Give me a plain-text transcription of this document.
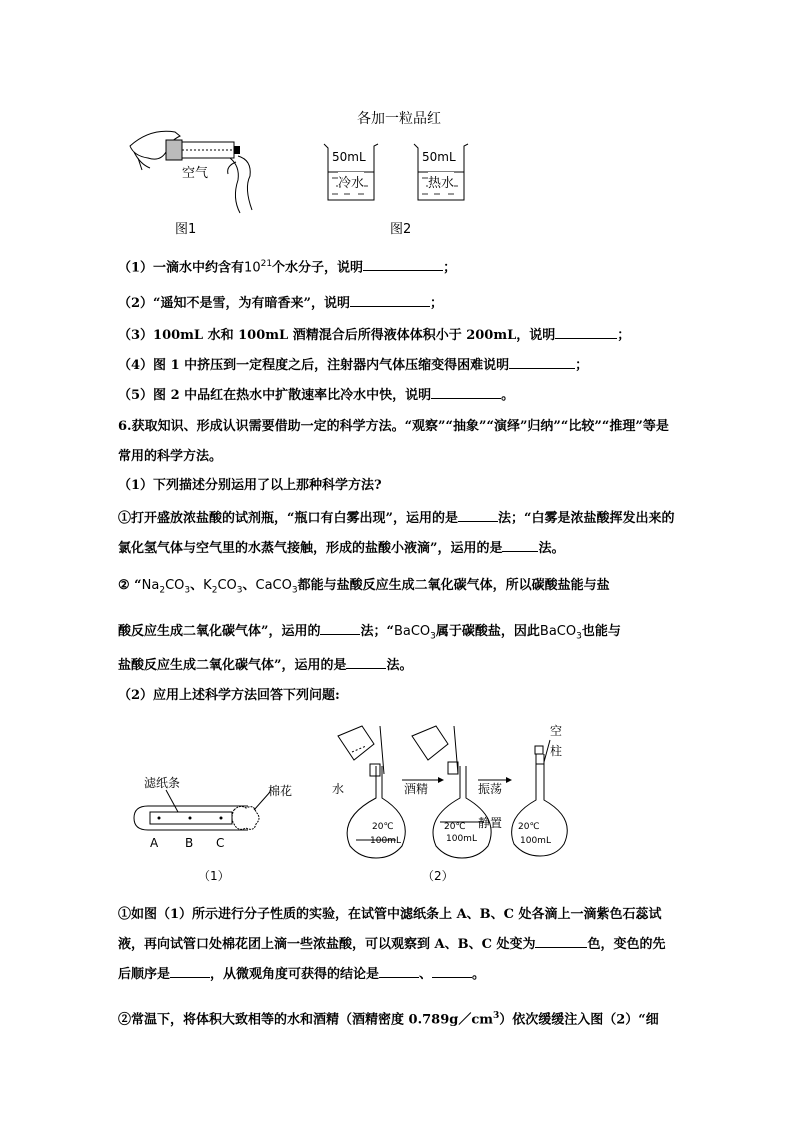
空气
图1
各加一粒品红
50mL
冷水
50mL
热水
图2
（1）一滴水中约含有$10^{21}$个水分子，说明	；
（2）“遥知不是雪，为有暗香来”，说明	；
（3）100mL 水和 100mL 酒精混合后所得液体体积小于 200mL，说明	；
（4）图 1 中挤压到一定程度之后，注射器内气体压缩变得困难说明	；
（5）图 2 中品红在热水中扩散速率比冷水中快，说明	。
6.获取知识、形成认识需要借助一定的科学方法。“观察”“抽象”“演绎”归纳”“比较”“推理”等是常用的科学方法。
（1）下列描述分别运用了以上那种科学方法?
①打开盛放浓盐酸的试剂瓶，“瓶口有白雾出现”，运用的是	法；“白雾是浓盐酸挥发出来的氯化氢气体与空气里的水蒸气接触，形成的盐酸小液滴”，运用的是	法。
② “$Na_2CO_3$、$K_2CO_3$、CaCO$_3$都能与盐酸反应生成二氧化碳气体，所以碳酸盐能与盐
酸反应生成二氧化碳气体”，运用的	法；“BaCO$_3$属于碳酸盐，因此BaCO$_3$也能与
盐酸反应生成二氧化碳气体”，运用的是	法。
（2）应用上述科学方法回答下列问题:
滤纸条
棉花
A B C
（1）
水	酒精	振荡
静置
空
柱
20℃
100mL
20℃
100mL
20℃
100mL
（2）
①如图（1）所示进行分子性质的实验，在试管中滤纸条上 A、B、C 处各滴上一滴紫色石蕊试液，再向试管口处棉花团上滴一些浓盐酸，可以观察到 A、B、C 处变为	色，变色的先后顺序是	，从微观角度可获得的结论是	、	。
②常温下，将体积大致相等的水和酒精（酒精密度 $0.789g/cm^3$）依次缓缓注入图（2）“细
